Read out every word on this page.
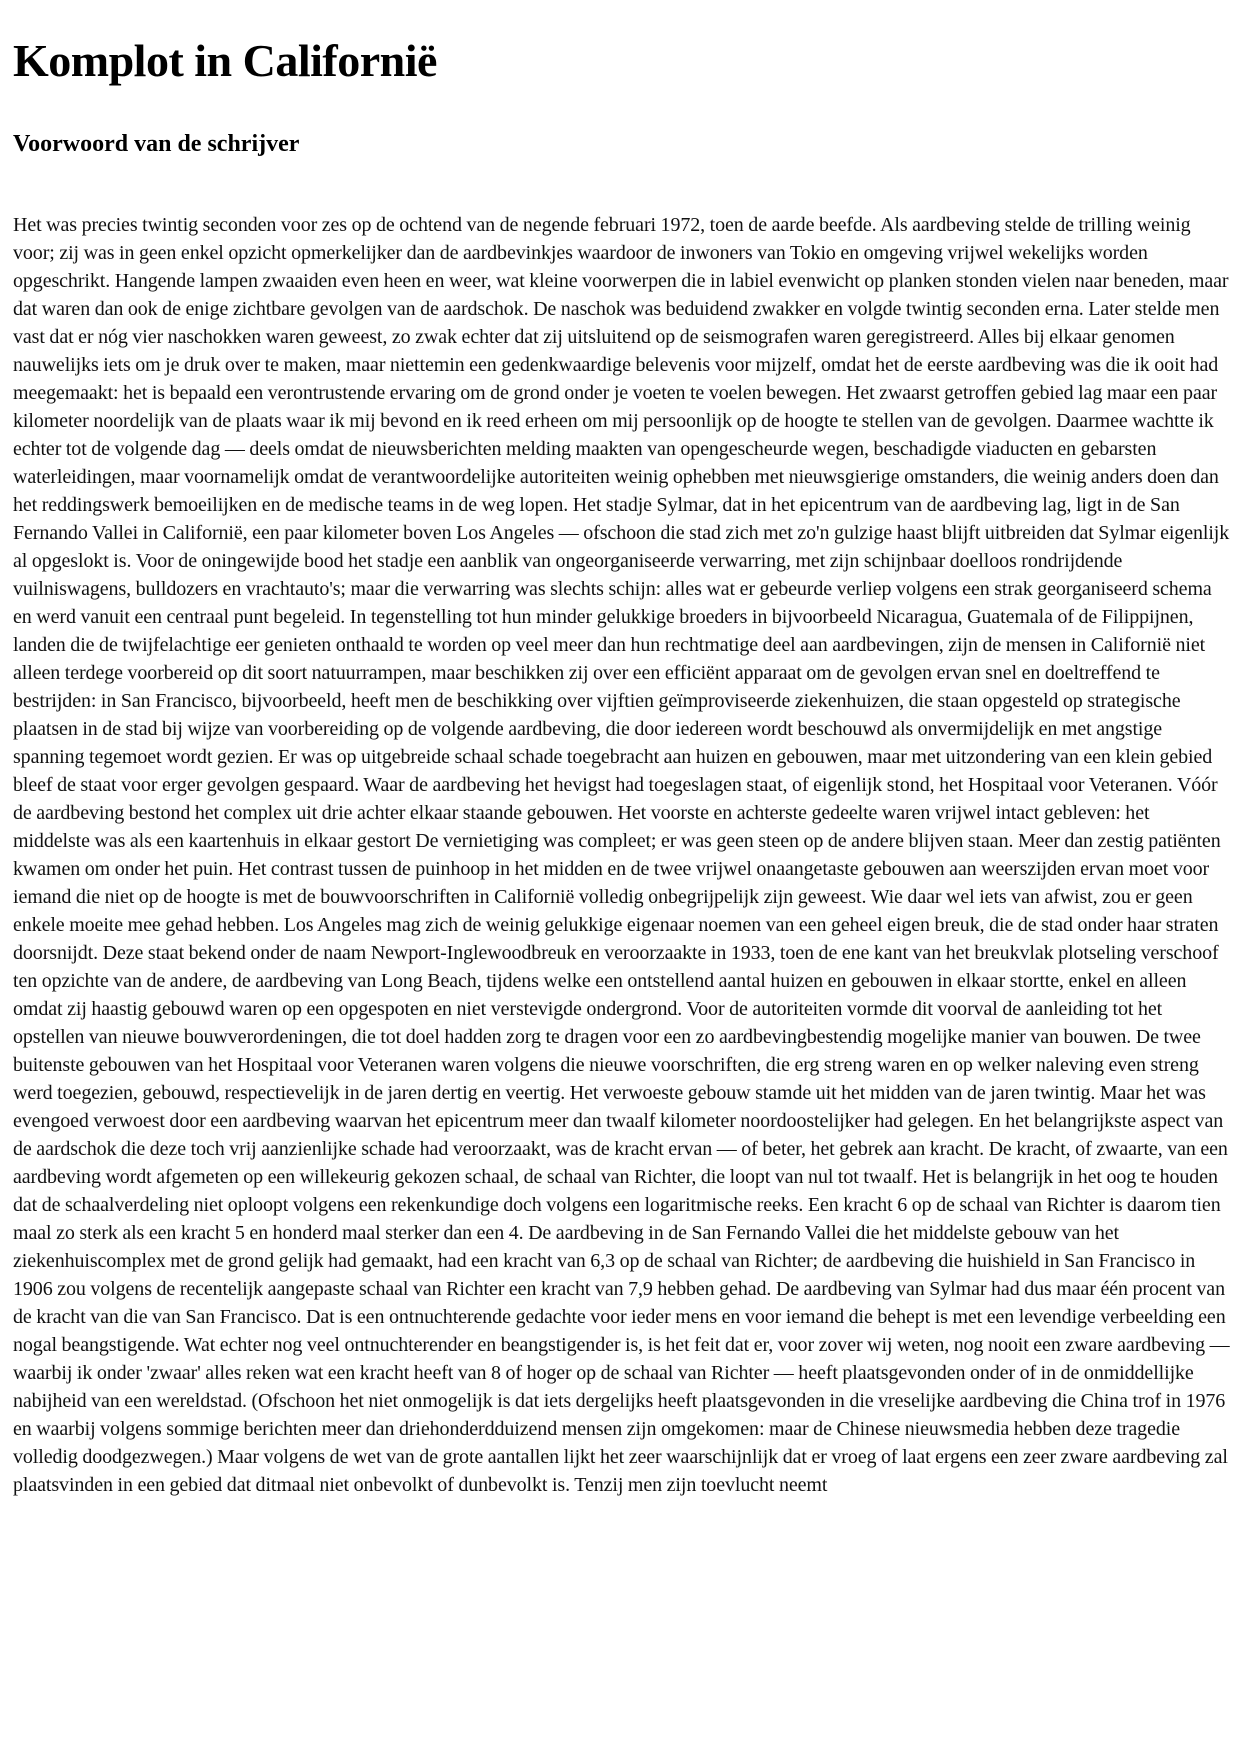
Komplot in Californië
Voorwoord van de schrijver

Het was precies twintig seconden voor zes op de ochtend van de negende februari 1972, toen de aarde beefde. Als aardbeving stelde de trilling weinig voor; zij was in geen enkel opzicht opmerkelijker dan de aardbevinkjes waardoor de inwoners van Tokio en omgeving vrijwel wekelijks worden opgeschrikt. Hangende lampen zwaaiden even heen en weer, wat kleine voorwerpen die in labiel evenwicht op planken stonden vielen naar beneden, maar dat waren dan ook de enige zichtbare gevolgen van de aardschok. De naschok was beduidend zwakker en volgde twintig seconden erna. Later stelde men vast dat er nóg vier naschokken waren geweest, zo zwak echter dat zij uitsluitend op de seismografen waren geregistreerd. Alles bij elkaar genomen nauwelijks iets om je druk over te maken, maar niettemin een gedenkwaardige belevenis voor mijzelf, omdat het de eerste aardbeving was die ik ooit had meegemaakt: het is bepaald een verontrustende ervaring om de grond onder je voeten te voelen bewegen. Het zwaarst getroffen gebied lag maar een paar kilometer noordelijk van de plaats waar ik mij bevond en ik reed erheen om mij persoonlijk op de hoogte te stellen van de gevolgen. Daarmee wachtte ik echter tot de volgende dag — deels omdat de nieuwsberichten melding maakten van opengescheurde wegen, beschadigde viaducten en gebarsten waterleidingen, maar voornamelijk omdat de verantwoordelijke autoriteiten weinig ophebben met nieuwsgierige omstanders, die weinig anders doen dan het reddingswerk bemoeilijken en de medische teams in de weg lopen. Het stadje Sylmar, dat in het epicentrum van de aardbeving lag, ligt in de San Fernando Vallei in Californië, een paar kilometer boven Los Angeles — ofschoon die stad zich met zo'n gulzige haast blijft uitbreiden dat Sylmar eigenlijk al opgeslokt is. Voor de oningewijde bood het stadje een aanblik van ongeorganiseerde verwarring, met zijn schijnbaar doelloos rondrijdende vuilniswagens, bulldozers en vrachtauto's; maar die verwarring was slechts schijn: alles wat er gebeurde verliep volgens een strak georganiseerd schema en werd vanuit een centraal punt begeleid. In tegenstelling tot hun minder gelukkige broeders in bijvoorbeeld Nicaragua, Guatemala of de Filippijnen, landen die de twijfelachtige eer genieten onthaald te worden op veel meer dan hun rechtmatige deel aan aardbevingen, zijn de mensen in Californië niet alleen terdege voorbereid op dit soort natuurrampen, maar beschikken zij over een efficiënt apparaat om de gevolgen ervan snel en doeltreffend te bestrijden: in San Francisco, bijvoorbeeld, heeft men de beschikking over vijftien geïmproviseerde ziekenhuizen, die staan opgesteld op strategische plaatsen in de stad bij wijze van voorbereiding op de volgende aardbeving, die door iedereen wordt beschouwd als onvermijdelijk en met angstige spanning tegemoet wordt gezien. Er was op uitgebreide schaal schade toegebracht aan huizen en gebouwen, maar met uitzondering van een klein gebied bleef de staat voor erger gevolgen gespaard. Waar de aardbeving het hevigst had toegeslagen staat, of eigenlijk stond, het Hospitaal voor Veteranen. Vóór de aardbeving bestond het complex uit drie achter elkaar staande gebouwen. Het voorste en achterste gedeelte waren vrijwel intact gebleven: het middelste was als een kaartenhuis in elkaar gestort De vernietiging was compleet; er was geen steen op de andere blijven staan. Meer dan zestig patiënten kwamen om onder het puin. Het contrast tussen de puinhoop in het midden en de twee vrijwel onaangetaste gebouwen aan weerszijden ervan moet voor iemand die niet op de hoogte is met de bouwvoorschriften in Californië volledig onbegrijpelijk zijn geweest. Wie daar wel iets van afwist, zou er geen enkele moeite mee gehad hebben. Los Angeles mag zich de weinig gelukkige eigenaar noemen van een geheel eigen breuk, die de stad onder haar straten doorsnijdt. Deze staat bekend onder de naam Newport-Inglewoodbreuk en veroorzaakte in 1933, toen de ene kant van het breukvlak plotseling verschoof ten opzichte van de andere, de aardbeving van Long Beach, tijdens welke een ontstellend aantal huizen en gebouwen in elkaar stortte, enkel en alleen omdat zij haastig gebouwd waren op een opgespoten en niet verstevigde ondergrond. Voor de autoriteiten vormde dit voorval de aanleiding tot het opstellen van nieuwe bouwverordeningen, die tot doel hadden zorg te dragen voor een zo aardbevingbestendig mogelijke manier van bouwen. De twee buitenste gebouwen van het Hospitaal voor Veteranen waren volgens die nieuwe voorschriften, die erg streng waren en op welker naleving even streng werd toegezien, gebouwd, respectievelijk in de jaren dertig en veertig. Het verwoeste gebouw stamde uit het midden van de jaren twintig. Maar het was evengoed verwoest door een aardbeving waarvan het epicentrum meer dan twaalf kilometer noordoostelijker had gelegen. En het belangrijkste aspect van de aardschok die deze toch vrij aanzienlijke schade had veroorzaakt, was de kracht ervan — of beter, het gebrek aan kracht. De kracht, of zwaarte, van een aardbeving wordt afgemeten op een willekeurig gekozen schaal, de schaal van Richter, die loopt van nul tot twaalf. Het is belangrijk in het oog te houden dat de schaalverdeling niet oploopt volgens een rekenkundige doch volgens een logaritmische reeks. Een kracht 6 op de schaal van Richter is daarom tien maal zo sterk als een kracht 5 en honderd maal sterker dan een 4. De aardbeving in de San Fernando Vallei die het middelste gebouw van het ziekenhuiscomplex met de grond gelijk had gemaakt, had een kracht van 6,3 op de schaal van Richter; de aardbeving die huishield in San Francisco in 1906 zou volgens de recentelijk aangepaste schaal van Richter een kracht van 7,9 hebben gehad. De aardbeving van Sylmar had dus maar één procent van de kracht van die van San Francisco. Dat is een ontnuchterende gedachte voor ieder mens en voor iemand die behept is met een levendige verbeelding een nogal beangstigende. Wat echter nog veel ontnuchterender en beangstigender is, is het feit dat er, voor zover wij weten, nog nooit een zware aardbeving — waarbij ik onder 'zwaar' alles reken wat een kracht heeft van 8 of hoger op de schaal van Richter — heeft plaatsgevonden onder of in de onmiddellijke nabijheid van een wereldstad. (Ofschoon het niet onmogelijk is dat iets dergelijks heeft plaatsgevonden in die vreselijke aardbeving die China trof in 1976 en waarbij volgens sommige berichten meer dan driehonderdduizend mensen zijn omgekomen: maar de Chinese nieuwsmedia hebben deze tragedie volledig doodgezwegen.) Maar volgens de wet van de grote aantallen lijkt het zeer waarschijnlijk dat er vroeg of laat ergens een zeer zware aardbeving zal plaatsvinden in een gebied dat ditmaal niet onbevolkt of dunbevolkt is. Tenzij men zijn toevlucht neemt
